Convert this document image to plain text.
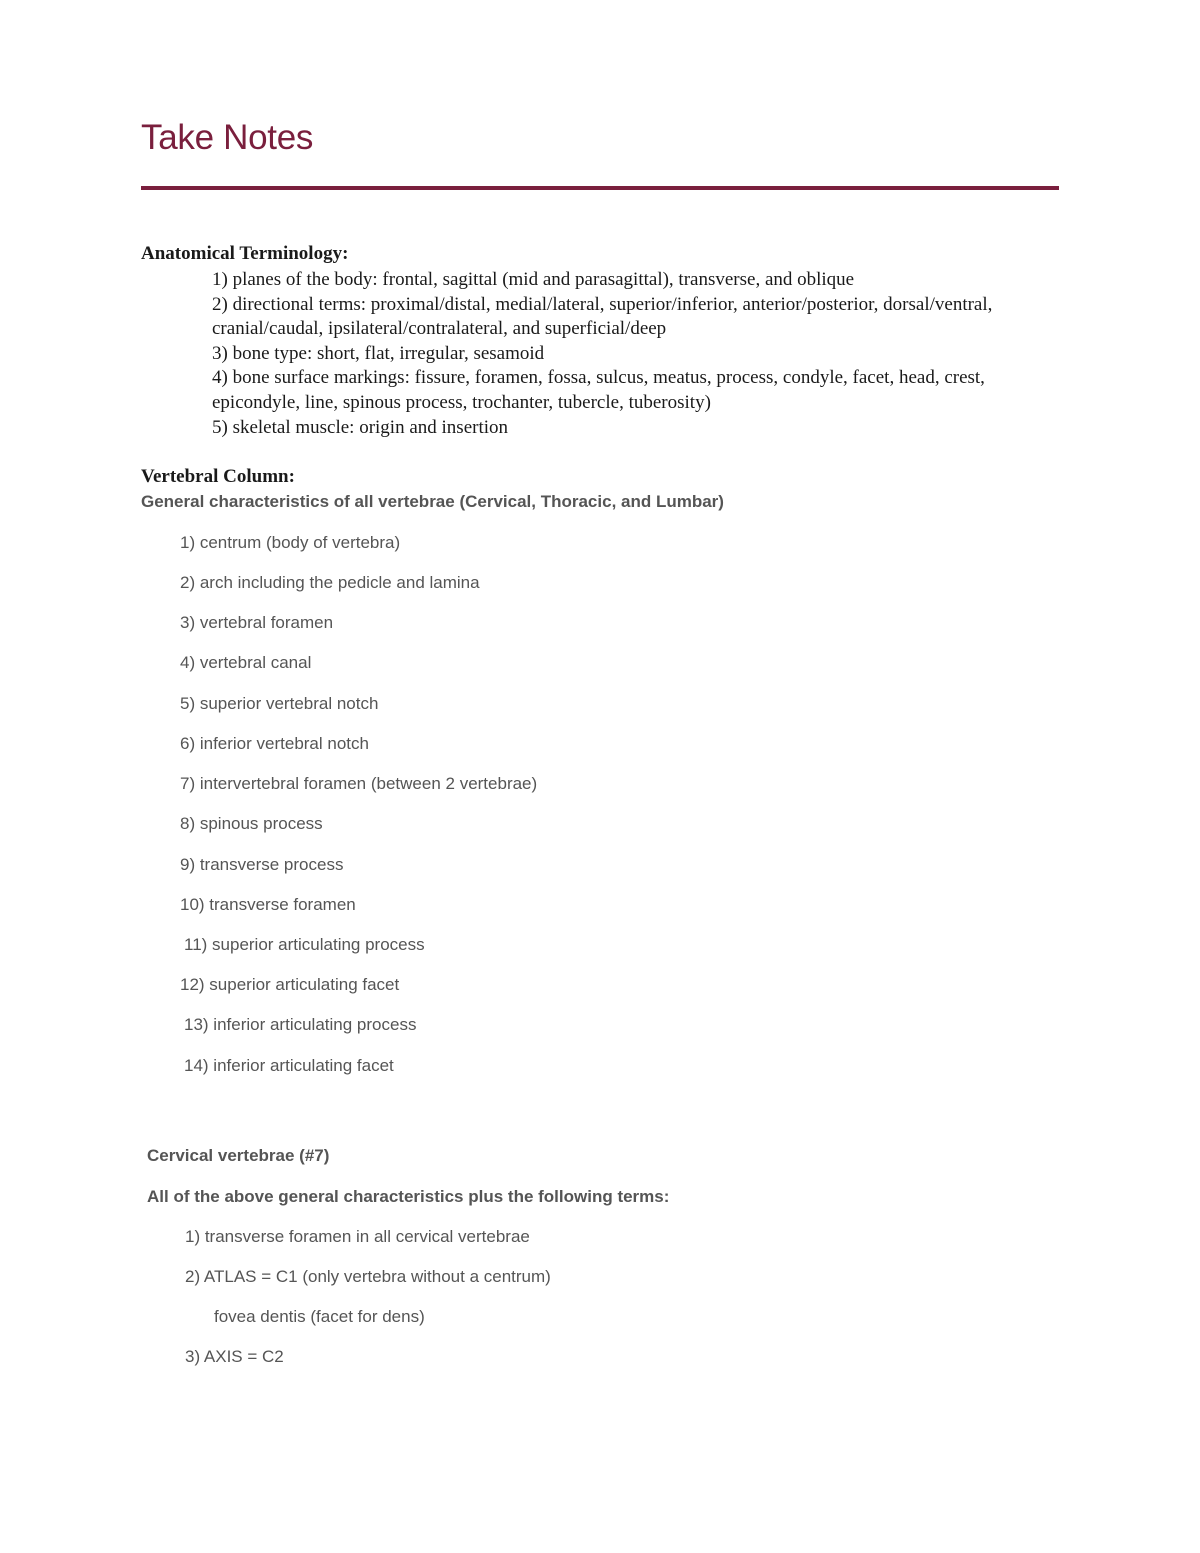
Take Notes
Anatomical Terminology:
1) planes of the body: frontal, sagittal (mid and parasagittal), transverse, and oblique
2) directional terms: proximal/distal, medial/lateral, superior/inferior, anterior/posterior, dorsal/ventral, cranial/caudal, ipsilateral/contralateral, and superficial/deep
3) bone type: short, flat, irregular, sesamoid
4) bone surface markings: fissure, foramen, fossa, sulcus, meatus, process, condyle, facet, head, crest, epicondyle, line, spinous process, trochanter, tubercle, tuberosity)
5) skeletal muscle: origin and insertion
Vertebral Column:
General characteristics of all vertebrae (Cervical, Thoracic, and Lumbar)
1) centrum (body of vertebra)
2) arch including the pedicle and lamina
3) vertebral foramen
4) vertebral canal
5) superior vertebral notch
6) inferior vertebral notch
7) intervertebral foramen (between 2 vertebrae)
8) spinous process
9) transverse process
10) transverse foramen
11) superior articulating process
12) superior articulating facet
13) inferior articulating process
14) inferior articulating facet
Cervical vertebrae (#7)
All of the above general characteristics plus the following terms:
1) transverse foramen in all cervical vertebrae
2) ATLAS = C1 (only vertebra without a centrum)
fovea dentis (facet for dens)
3) AXIS = C2
